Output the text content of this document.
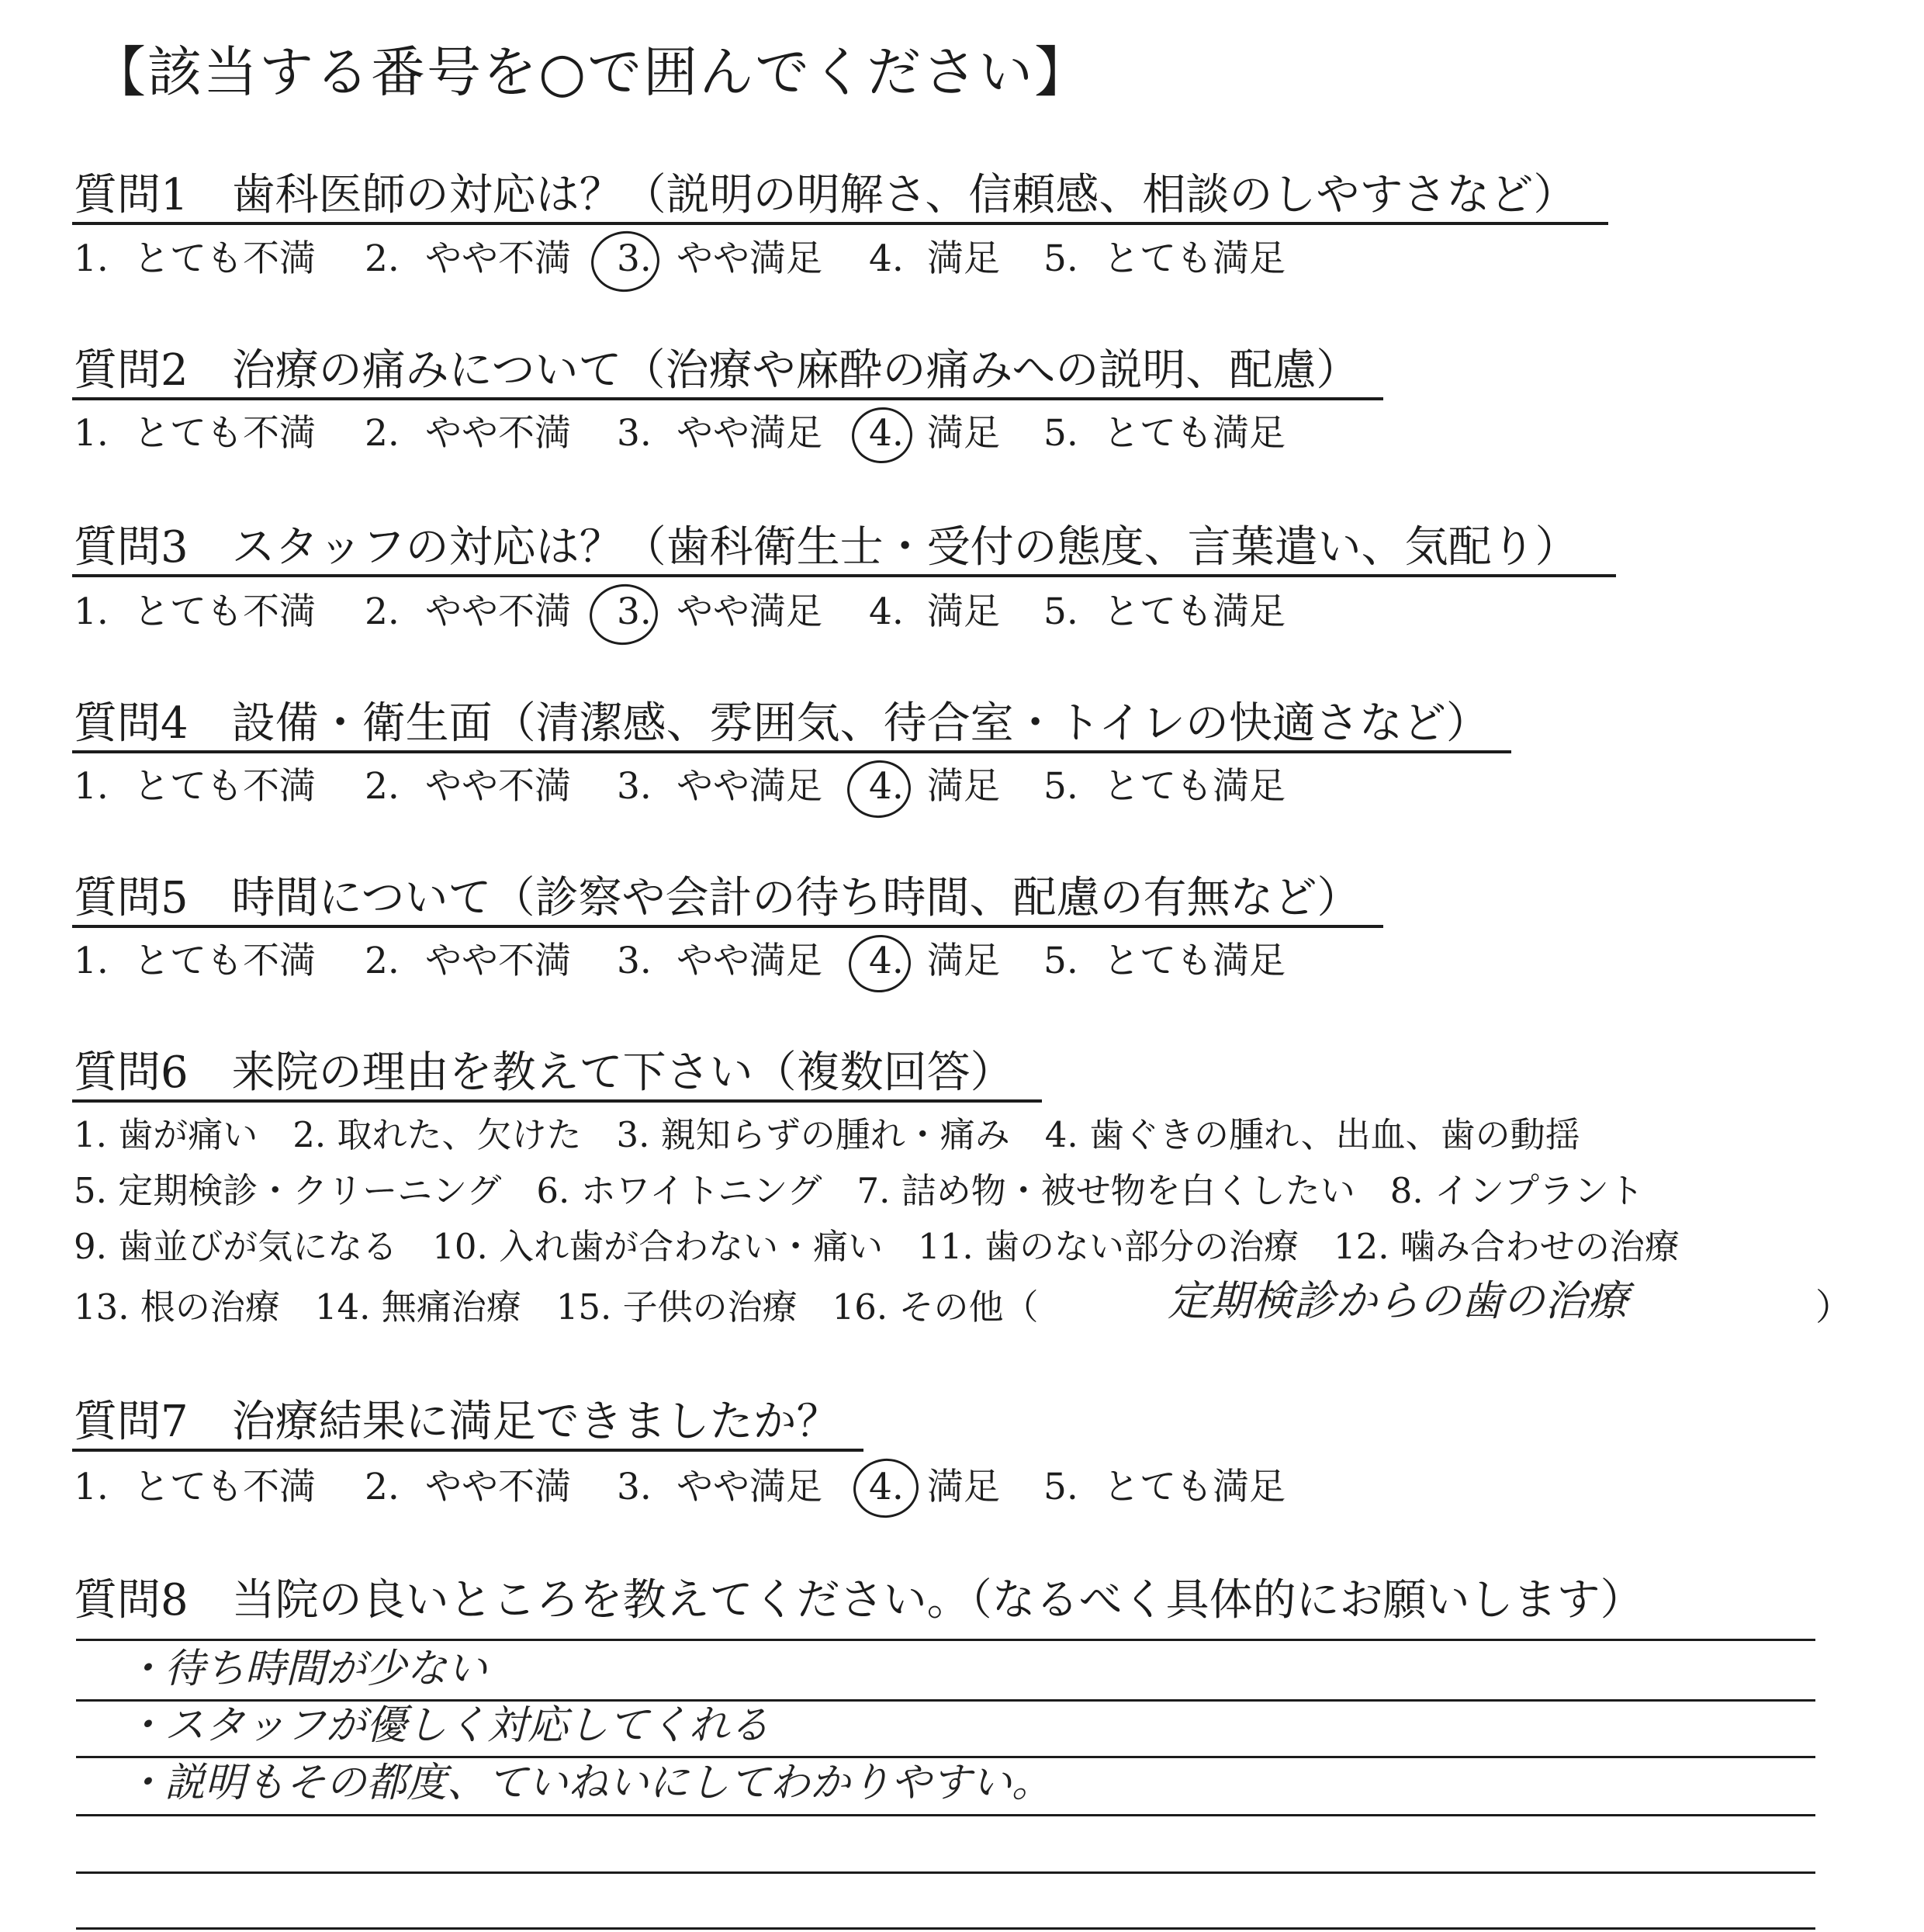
【該当する番号を○で囲んでください】
質問1　 歯科医師の対応は？（説明の明解さ、信頼感、相談のしやすさなど）
1. とても不満 2. やや不満 3. やや満足 4. 満足 5. とても満足
質問2　 治療の痛みについて（治療や麻酔の痛みへの説明、配慮）
1. とても不満 2. やや不満 3. やや満足 4. 満足 5. とても満足
質問3　 スタッフの対応は？（歯科衛生士・受付の態度、言葉遣い、気配り）
1. とても不満 2. やや不満 3. やや満足 4. 満足 5. とても満足
質問4　 設備・衛生面（清潔感、雰囲気、待合室・トイレの快適さなど）
1. とても不満 2. やや不満 3. やや満足 4. 満足 5. とても満足
質問5　 時間について（診察や会計の待ち時間、配慮の有無など）
1. とても不満 2. やや不満 3. やや満足 4. 満足 5. とても満足
質問6　 来院の理由を教えて下さい（複数回答）
1. 歯が痛い　2. 取れた、欠けた　3. 親知らずの腫れ・痛み　4. 歯ぐきの腫れ、出血、歯の動揺
5. 定期検診・クリーニング　6. ホワイトニング　7. 詰め物・被せ物を白くしたい　8. インプラント
9. 歯並びが気になる　10. 入れ歯が合わない・痛い　11. 歯のない部分の治療　12. 噛み合わせの治療
13. 根の治療　14. 無痛治療　15. 子供の治療　16. その他（	定期検診からの歯の治療	）
質問7　 治療結果に満足できましたか？
1. とても不満 2. やや不満 3. やや満足 4. 満足 5. とても満足
質問8　 当院の良いところを教えてください。（なるべく具体的にお願いします）
・待ち時間が少ない
・スタッフが優しく対応してくれる
・説明もその都度、ていねいにしてわかりやすい。
